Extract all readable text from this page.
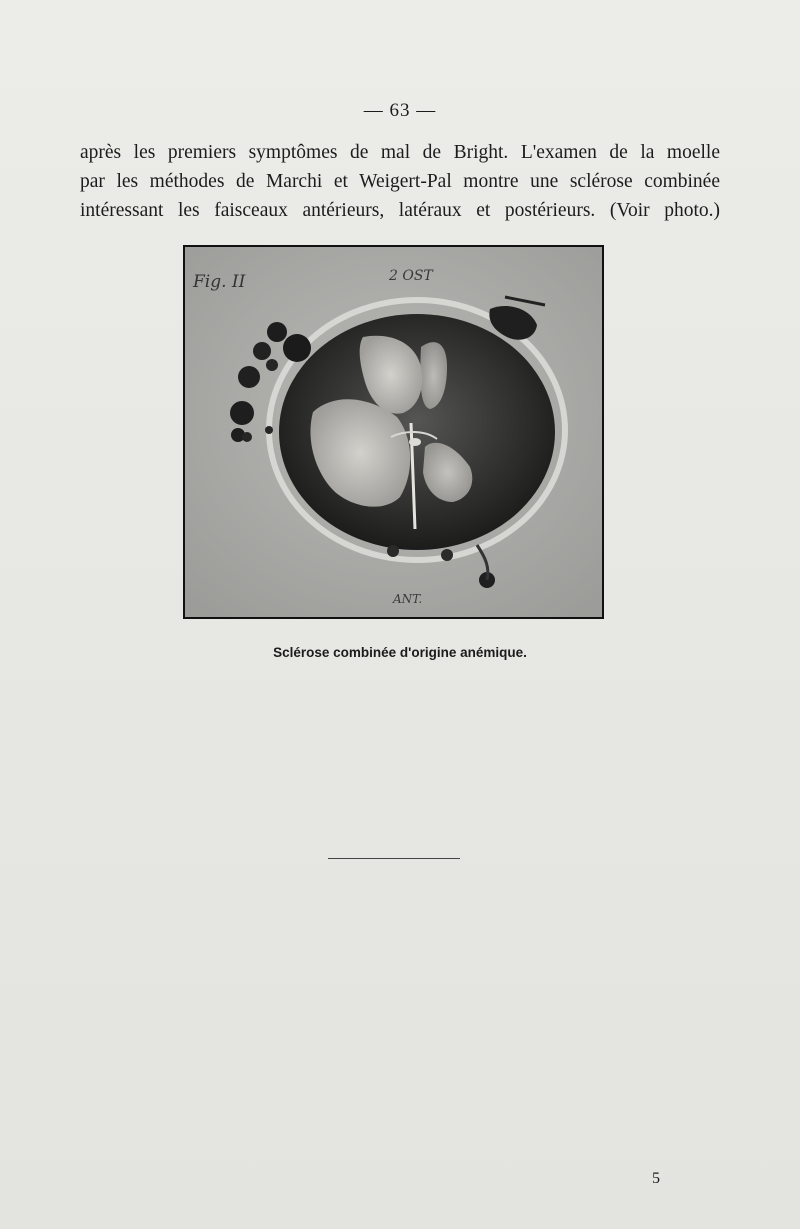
— 63 —

après les premiers symptômes de mal de Bright. L'examen de la moelle
par les méthodes de Marchi et Weigert-Pal montre une sclérose combinée
intéressant les faisceaux antérieurs, latéraux et postérieurs. (Voir photo.)

Fig. II	2 OST
ANT.
Sclérose combinée d'origine anémique.
5
